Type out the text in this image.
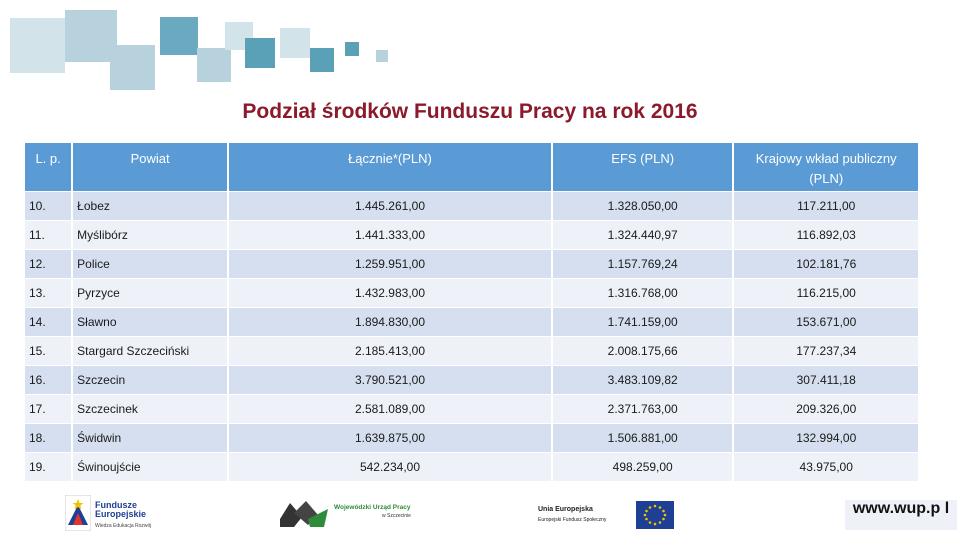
Podział środków Funduszu Pracy na rok 2016
L. p.	Powiat	Łącznie*(PLN)	EFS (PLN)	Krajowy wkład publiczny (PLN)
10.	Łobez	1.445.261,00	1.328.050,00	117.211,00
11.	Myślibórz	1.441.333,00	1.324.440,97	116.892,03
12.	Police	1.259.951,00	1.157.769,24	102.181,76
13.	Pyrzyce	1.432.983,00	1.316.768,00	116.215,00
14.	Sławno	1.894.830,00	1.741.159,00	153.671,00
15.	Stargard Szczeciński	2.185.413,00	2.008.175,66	177.237,34
16.	Szczecin	3.790.521,00	3.483.109,82	307.411,18
17.	Szczecinek	2.581.089,00	2.371.763,00	209.326,00
18.	Świdwin	1.639.875,00	1.506.881,00	132.994,00
19.	Świnoujście	542.234,00	498.259,00	43.975,00
Fundusze
Europejskie
Wiedza Edukacja Rozwój
Wojewódzki Urząd Pracy
w Szczecinie
Unia Europejska
Europejski Fundusz Społeczny
www.wup.p l
